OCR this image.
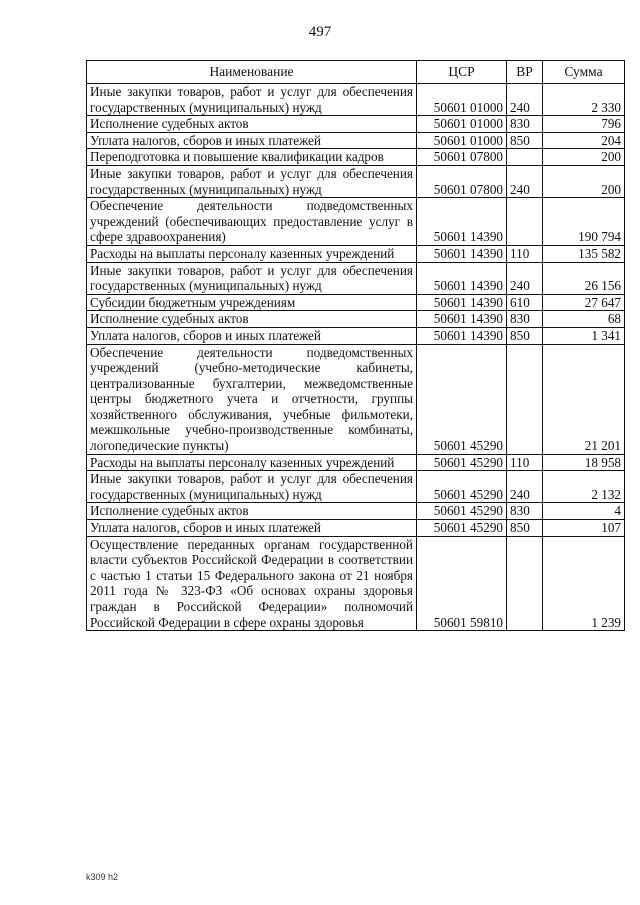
497
Наименование	ЦСР	ВР	Сумма
Иные закупки товаров, работ и услуг для обеспечения государственных (муниципальных) нужд	50601 01000	240	2 330
Исполнение судебных актов	50601 01000	830	796
Уплата налогов, сборов и иных платежей	50601 01000	850	204
Переподготовка и повышение квалификации кадров	50601 07800		200
Иные закупки товаров, работ и услуг для обеспечения государственных (муниципальных) нужд	50601 07800	240	200
Обеспечение деятельности подведомственных учреждений (обеспечивающих предоставление услуг в сфере здравоохранения)	50601 14390		190 794
Расходы на выплаты персоналу казенных учреждений	50601 14390	110	135 582
Иные закупки товаров, работ и услуг для обеспечения государственных (муниципальных) нужд	50601 14390	240	26 156
Субсидии бюджетным учреждениям	50601 14390	610	27 647
Исполнение судебных актов	50601 14390	830	68
Уплата налогов, сборов и иных платежей	50601 14390	850	1 341
Обеспечение деятельности подведомственных учреждений (учебно-методические кабинеты, централизованные бухгалтерии, межведомственные центры бюджетного учета и отчетности, группы хозяйственного обслуживания, учебные фильмотеки, межшкольные учебно-производственные комбинаты, логопедические пункты)	50601 45290		21 201
Расходы на выплаты персоналу казенных учреждений	50601 45290	110	18 958
Иные закупки товаров, работ и услуг для обеспечения государственных (муниципальных) нужд	50601 45290	240	2 132
Исполнение судебных актов	50601 45290	830	4
Уплата налогов, сборов и иных платежей	50601 45290	850	107
Осуществление переданных органам государственной власти субъектов Российской Федерации в соответствии с частью 1 статьи 15 Федерального закона от 21 ноября 2011 года № 323-ФЗ «Об основах охраны здоровья граждан в Российской Федерации» полномочий Российской Федерации в сфере охраны здоровья	50601 59810		1 239
k309 h2
